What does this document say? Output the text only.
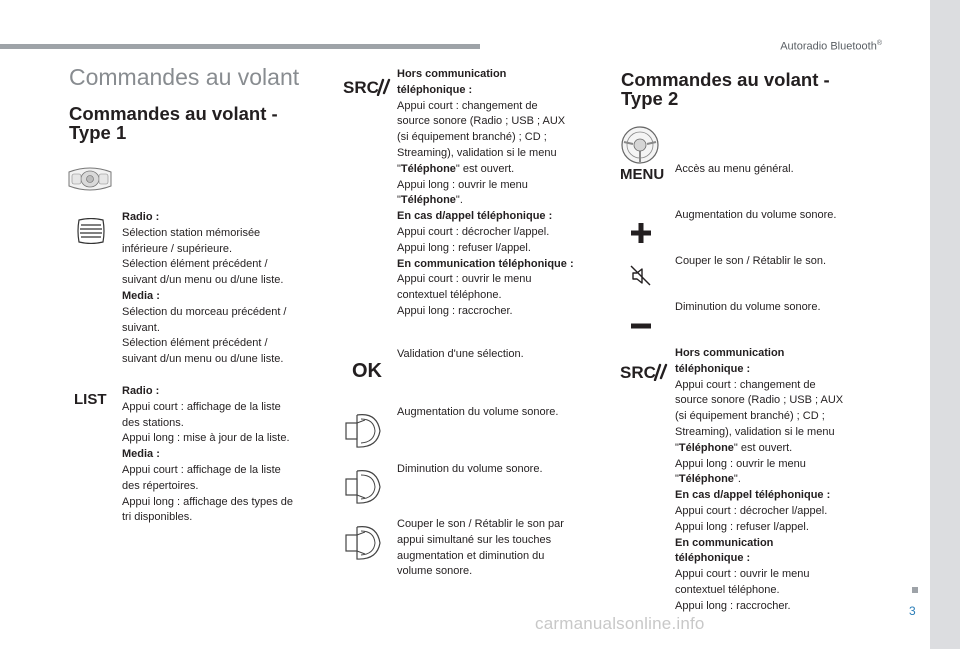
Autoradio Bluetooth®
3
carmanualsonline.info
Commandes au volant
Commandes au volant -
Type 1
Radio :
Sélection station mémorisée
inférieure / supérieure.
Sélection élément précédent /
suivant d/un menu ou d/une liste.
Media :
Sélection du morceau précédent /
suivant.
Sélection élément précédent /
suivant d/un menu ou d/une liste.
LIST Radio :
Appui court : affichage de la liste
des stations.
Appui long : mise à jour de la liste.
Media :
Appui court : affichage de la liste
des répertoires.
Appui long : affichage des types de
tri disponibles.
SRC
Hors communication
téléphonique :
Appui court : changement de
source sonore (Radio ; USB ; AUX
(si équipement branché) ; CD ;
Streaming), validation si le menu
"Téléphone" est ouvert.
Appui long : ouvrir le menu
"Téléphone".
En cas d/appel téléphonique :
Appui court : décrocher l/appel.
Appui long : refuser l/appel.
En communication téléphonique :
Appui court : ouvrir le menu
contextuel téléphone.
Appui long : raccrocher.
OK
Validation d'une sélection.
Augmentation du volume sonore.
Diminution du volume sonore.
Couper le son / Rétablir le son par
appui simultané sur les touches
augmentation et diminution du
volume sonore.
Commandes au volant -
Type 2
MENU Accès au menu général.
Augmentation du volume sonore.
Couper le son / Rétablir le son.
Diminution du volume sonore.
SRC
Hors communication
téléphonique :
Appui court : changement de
source sonore (Radio ; USB ; AUX
(si équipement branché) ; CD ;
Streaming), validation si le menu
"Téléphone" est ouvert.
Appui long : ouvrir le menu
"Téléphone".
En cas d/appel téléphonique :
Appui court : décrocher l/appel.
Appui long : refuser l/appel.
En communication
téléphonique :
Appui court : ouvrir le menu
contextuel téléphone.
Appui long : raccrocher.
